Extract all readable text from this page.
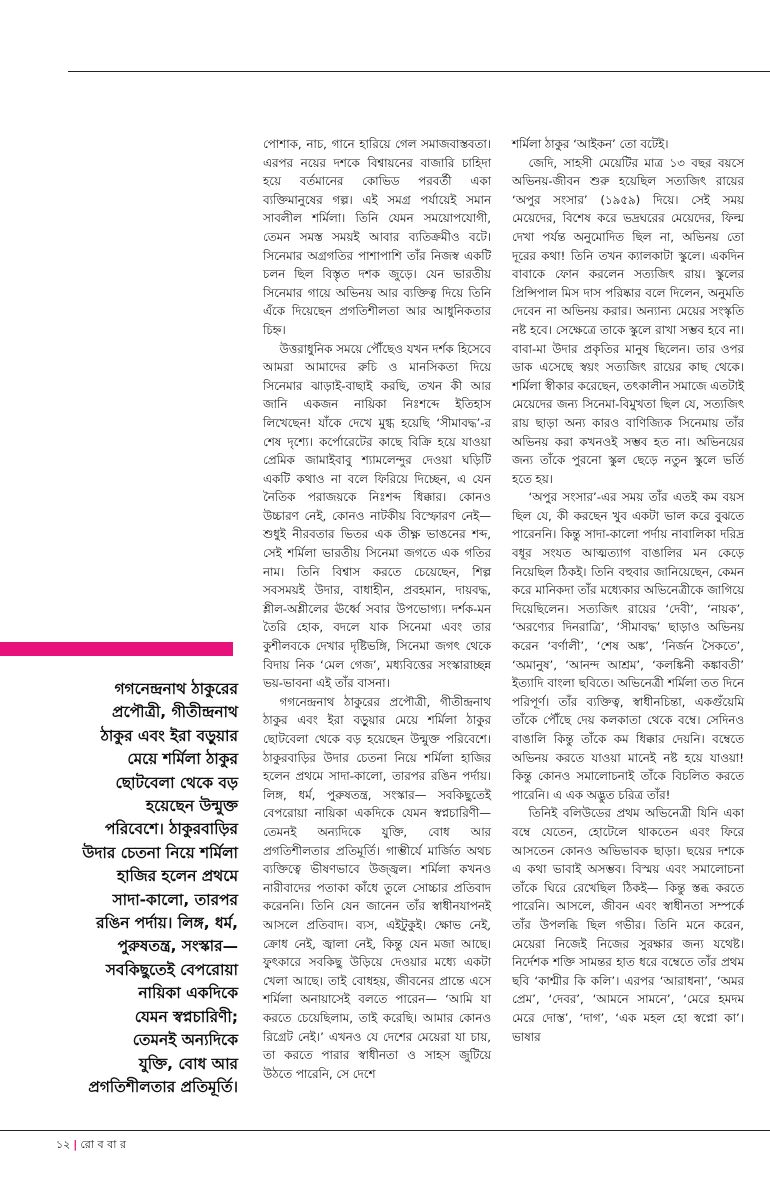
পোশাক, নাচ, গানে হারিয়ে গেল সমাজবাস্তবতা। এরপর নয়ের দশকে বিশ্বায়নের বাজারি চাহিদা হয়ে বর্তমানের কোভিড পরবর্তী একা ব্যক্তিমানুষের গল্প। এই সমগ্র পর্যায়েই সমান সাবলীল শর্মিলা। তিনি যেমন সময়োপযোগী, তেমন সমস্ত সময়ই আবার ব্যতিক্রমীও বটে। সিনেমার অগ্রগতির পাশাপাশি তাঁর নিজস্ব একটি চলন ছিল বিস্তৃত দশক জুড়ে। যেন ভারতীয় সিনেমার গায়ে অভিনয় আর ব্যক্তিত্ব দিয়ে তিনি এঁকে দিয়েছেন প্রগতিশীলতা আর আধুনিকতার চিহ্ন।

উত্তরাধুনিক সময়ে পৌঁছেও যখন দর্শক হিসেবে আমরা আমাদের রুচি ও মানসিকতা দিয়ে সিনেমার ঝাড়াই-বাছাই করছি, তখন কী আর জানি একজন নায়িকা নিঃশব্দে ইতিহাস লিখেছেন! যাঁকে দেখে মুগ্ধ হয়েছি ‘সীমাবদ্ধ’-র শেষ দৃশ্যে। কর্পোরেটের কাছে বিক্রি হয়ে যাওয়া প্রেমিক জামাইবাবু শ্যামলেন্দুর দেওয়া ঘড়িটি একটি কথাও না বলে ফিরিয়ে দিচ্ছেন, এ যেন নৈতিক পরাজয়কে নিঃশব্দ ধিক্কার। কোনও উচ্চারণ নেই, কোনও নাটকীয় বিস্ফোরণ নেই— শুধুই নীরবতার ভিতর এক তীক্ষ্ণ ভাঙনের শব্দ, সেই শর্মিলা ভারতীয় সিনেমা জগতে এক গতির নাম। তিনি বিশ্বাস করতে চেয়েছেন, শিল্প সবসময়ই উদার, বাধাহীন, প্রবহমান, দায়বদ্ধ, শ্লীল-অশ্লীলের ঊর্ধ্বে সবার উপভোগ্য। দর্শক-মন তৈরি হোক, বদলে যাক সিনেমা এবং তার কুশীলবকে দেখার দৃষ্টিভঙ্গি, সিনেমা জগৎ থেকে বিদায় নিক ‘মেল গেজ’, মধ্যবিত্তের সংস্কারাচ্ছন্ন ভয়-ভাবনা এই তাঁর বাসনা।

গগনেন্দ্রনাথ ঠাকুরের প্রপৌত্রী, গীতীন্দ্রনাথ ঠাকুর এবং ইরা বড়ুয়ার মেয়ে শর্মিলা ঠাকুর ছোটবেলা থেকে বড় হয়েছেন উন্মুক্ত পরিবেশে। ঠাকুরবাড়ির উদার চেতনা নিয়ে শর্মিলা হাজির হলেন প্রথমে সাদা-কালো, তারপর রঙিন পর্দায়। লিঙ্গ, ধর্ম, পুরুষতন্ত্র, সংস্কার— সবকিছুতেই বেপরোয়া নায়িকা একদিকে যেমন স্বপ্নচারিণী— তেমনই অন্যদিকে যুক্তি, বোধ আর প্রগতিশীলতার প্রতিমূর্তি। গাম্ভীর্যে মার্জিত অথচ ব্যক্তিত্বে ভীষণভাবে উজ্জ্বল। শর্মিলা কখনও নারীবাদের পতাকা কাঁধে তুলে সোচ্চার প্রতিবাদ করেননি। তিনি যেন জানেন তাঁর স্বাধীনযাপনই আসলে প্রতিবাদ। ব্যস, এইটুকুই। ক্ষোভ নেই, ক্রোধ নেই, জ্বালা নেই, কিন্তু যেন মজা আছে। ফুৎকারে সবকিছু উড়িয়ে দেওয়ার মধ্যে একটা খেলা আছে। তাই বোধহয়, জীবনের প্রান্তে এসে শর্মিলা অনায়াসেই বলতে পারেন— ‘আমি যা করতে চেয়েছিলাম, তাই করেছি। আমার কোনও রিগ্রেট নেই।’ এখনও যে দেশের মেয়েরা যা চায়, তা করতে পারার স্বাধীনতা ও সাহস জুটিয়ে উঠতে পারেনি, সে দেশে

শর্মিলা ঠাকুর ‘আইকন’ তো বটেই।

জেদি, সাহসী মেয়েটির মাত্র ১৩ বছর বয়সে অভিনয়-জীবন শুরু হয়েছিল সত্যজিৎ রায়ের ‘অপুর সংসার’ (১৯৫৯) দিয়ে। সেই সময় মেয়েদের, বিশেষ করে ভদ্রঘরের মেয়েদের, ফিল্ম দেখা পর্যন্ত অনুমোদিত ছিল না, অভিনয় তো দূরের কথা! তিনি তখন ক্যালকাটা স্কুলে। একদিন বাবাকে ফোন করলেন সত্যজিৎ রায়। স্কুলের প্রিন্সিপাল মিস দাস পরিষ্কার বলে দিলেন, অনুমতি দেবেন না অভিনয় করার। অন্যান্য মেয়ের সংস্কৃতি নষ্ট হবে। সেক্ষেত্রে তাকে স্কুলে রাখা সম্ভব হবে না। বাবা-মা উদার প্রকৃতির মানুষ ছিলেন। তার ওপর ডাক এসেছে স্বয়ং সত্যজিৎ রায়ের কাছ থেকে। শর্মিলা স্বীকার করেছেন, তৎকালীন সমাজে এতটাই মেয়েদের জন্য সিনেমা-বিমুখতা ছিল যে, সত্যজিৎ রায় ছাড়া অন্য কারও বাণিজ্যিক সিনেমায় তাঁর অভিনয় করা কখনওই সম্ভব হত না। অভিনয়ের জন্য তাঁকে পুরনো স্কুল ছেড়ে নতুন স্কুলে ভর্তি হতে হয়।

‘অপুর সংসার’-এর সময় তাঁর এতই কম বয়স ছিল যে, কী করছেন খুব একটা ভাল করে বুঝতে পারেননি। কিন্তু সাদা-কালো পর্দায় নাবালিকা দরিদ্র বধূর সংযত আত্মত্যাগ বাঙালির মন কেড়ে নিয়েছিল ঠিকই। তিনি বহুবার জানিয়েছেন, কেমন করে মানিকদা তাঁর মধ্যেকার অভিনেত্রীকে জাগিয়ে দিয়েছিলেন। সত্যজিৎ রায়ের ‘দেবী’, ‘নায়ক’, ‘অরণ্যের দিনরাত্রি’, ‘সীমাবদ্ধ’ ছাড়াও অভিনয় করেন ‘বর্ণালী’, ‘শেষ অঙ্ক’, ‘নির্জন সৈকতে’, ‘অমানুষ’, ‘আনন্দ আশ্রম’, ‘কলঙ্কিনী কঙ্কাবতী’ ইত্যাদি বাংলা ছবিতে। অভিনেত্রী শর্মিলা তত দিনে পরিপূর্ণ। তাঁর ব্যক্তিত্ব, স্বাধীনচিন্তা, একগুঁয়েমি তাঁকে পৌঁছে দেয় কলকাতা থেকে বম্বে। সেদিনও বাঙালি কিন্তু তাঁকে কম ধিক্কার দেয়নি। বম্বেতে অভিনয় করতে যাওয়া মানেই নষ্ট হয়ে যাওয়া! কিন্তু কোনও সমালোচনাই তাঁকে বিচলিত করতে পারেনি। এ এক অদ্ভুত চরিত্র তাঁর!

তিনিই বলিউডের প্রথম অভিনেত্রী যিনি একা বম্বে যেতেন, হোটেলে থাকতেন এবং ফিরে আসতেন কোনও অভিভাবক ছাড়া। ছয়ের দশকে এ কথা ভাবাই অসম্ভব। বিস্ময় এবং সমালোচনা তাঁকে ঘিরে রেখেছিল ঠিকই— কিন্তু স্তব্ধ করতে পারেনি। আসলে, জীবন এবং স্বাধীনতা সম্পর্কে তাঁর উপলব্ধি ছিল গভীর। তিনি মনে করেন, মেয়েরা নিজেই নিজের সুরক্ষার জন্য যথেষ্ট। নির্দেশক শক্তি সামন্তর হাত ধরে বম্বেতে তাঁর প্রথম ছবি ‘কাশ্মীর কি কলি’। এরপর ‘আরাধনা’, ‘অমর প্রেম’, ‘দেবর’, ‘আমনে সামনে’, ‘মেরে হমদম মেরে দোস্ত’, ‘দাগ’, ‘এক মহল হো স্বপ্নো কা’। ভাষার

গগনেন্দ্রনাথ ঠাকুরের
প্রপৌত্রী, গীতীন্দ্রনাথ
ঠাকুর এবং ইরা বড়ুয়ার
মেয়ে শর্মিলা ঠাকুর
ছোটবেলা থেকে বড়
হয়েছেন উন্মুক্ত
পরিবেশে। ঠাকুরবাড়ির
উদার চেতনা নিয়ে শর্মিলা
হাজির হলেন প্রথমে
সাদা-কালো, তারপর
রঙিন পর্দায়। লিঙ্গ, ধর্ম,
পুরুষতন্ত্র, সংস্কার—
সবকিছুতেই বেপরোয়া
নায়িকা একদিকে
যেমন স্বপ্নচারিণী;
তেমনই অন্যদিকে
যুক্তি, বোধ আর
প্রগতিশীলতার প্রতিমূর্তি।
১২ | রো ব বা র
